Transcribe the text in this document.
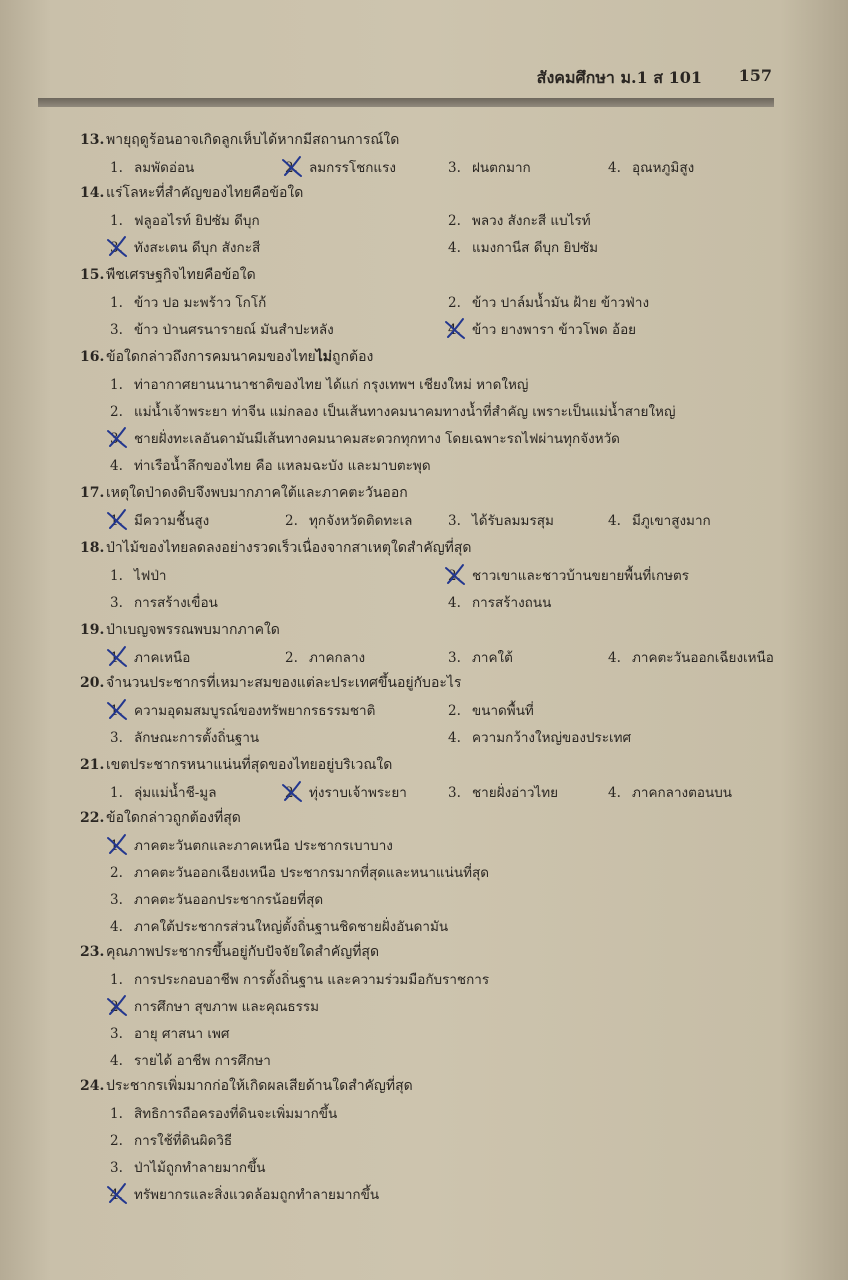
สังคมศึกษา ม.1 ส 101 157
13. พายุฤดูร้อนอาจเกิดลูกเห็บได้หากมีสถานการณ์ใด
1. ลมพัดอ่อน	2. ลมกรรโชกแรง	3. ฝนตกมาก	4. อุณหภูมิสูง
14. แร่โลหะที่สำคัญของไทยคือข้อใด
1. ฟลูออไรท์ ยิปซัม ดีบุก	2. พลวง สังกะสี แบไรท์
3. ทังสะเตน ดีบุก สังกะสี	4. แมงกานีส ดีบุก ยิปซัม
15. พืชเศรษฐกิจไทยคือข้อใด
1. ข้าว ปอ มะพร้าว โกโก้	2. ข้าว ปาล์มน้ำมัน ฝ้าย ข้าวฟ่าง
3. ข้าว ป่านศรนารายณ์ มันสำปะหลัง	4. ข้าว ยางพารา ข้าวโพด อ้อย
16. ข้อใดกล่าวถึงการคมนาคมของไทยไม่ถูกต้อง
1. ท่าอากาศยานนานาชาติของไทย ได้แก่ กรุงเทพฯ เชียงใหม่ หาดใหญ่
2. แม่น้ำเจ้าพระยา ท่าจีน แม่กลอง เป็นเส้นทางคมนาคมทางน้ำที่สำคัญ เพราะเป็นแม่น้ำสายใหญ่
3. ชายฝั่งทะเลอันดามันมีเส้นทางคมนาคมสะดวกทุกทาง โดยเฉพาะรถไฟผ่านทุกจังหวัด
4. ท่าเรือน้ำลึกของไทย คือ แหลมฉะบัง และมาบตะพุด
17. เหตุใดป่าดงดิบจึงพบมากภาคใต้และภาคตะวันออก
1. มีความชื้นสูง	2. ทุกจังหวัดติดทะเล	3. ได้รับลมมรสุม	4. มีภูเขาสูงมาก
18. ป่าไม้ของไทยลดลงอย่างรวดเร็วเนื่องจากสาเหตุใดสำคัญที่สุด
1. ไฟป่า	2. ชาวเขาและชาวบ้านขยายพื้นที่เกษตร
3. การสร้างเขื่อน	4. การสร้างถนน
19. ป่าเบญจพรรณพบมากภาคใด
1. ภาคเหนือ	2. ภาคกลาง	3. ภาคใต้	4. ภาคตะวันออกเฉียงเหนือ
20. จำนวนประชากรที่เหมาะสมของแต่ละประเทศขึ้นอยู่กับอะไร
1. ความอุดมสมบูรณ์ของทรัพยากรธรรมชาติ	2. ขนาดพื้นที่
3. ลักษณะการตั้งถิ่นฐาน	4. ความกว้างใหญ่ของประเทศ
21. เขตประชากรหนาแน่นที่สุดของไทยอยู่บริเวณใด
1. ลุ่มแม่น้ำชี-มูล	2. ทุ่งราบเจ้าพระยา	3. ชายฝั่งอ่าวไทย	4. ภาคกลางตอนบน
22. ข้อใดกล่าวถูกต้องที่สุด
1. ภาคตะวันตกและภาคเหนือ ประชากรเบาบาง
2. ภาคตะวันออกเฉียงเหนือ ประชากรมากที่สุดและหนาแน่นที่สุด
3. ภาคตะวันออกประชากรน้อยที่สุด
4. ภาคใต้ประชากรส่วนใหญ่ตั้งถิ่นฐานชิดชายฝั่งอันดามัน
23. คุณภาพประชากรขึ้นอยู่กับปัจจัยใดสำคัญที่สุด
1. การประกอบอาชีพ การตั้งถิ่นฐาน และความร่วมมือกับราชการ
2. การศึกษา สุขภาพ และคุณธรรม
3. อายุ ศาสนา เพศ
4. รายได้ อาชีพ การศึกษา
24. ประชากรเพิ่มมากก่อให้เกิดผลเสียด้านใดสำคัญที่สุด
1. สิทธิการถือครองที่ดินจะเพิ่มมากขึ้น
2. การใช้ที่ดินผิดวิธี
3. ป่าไม้ถูกทำลายมากขึ้น
4. ทรัพยากรและสิ่งแวดล้อมถูกทำลายมากขึ้น
